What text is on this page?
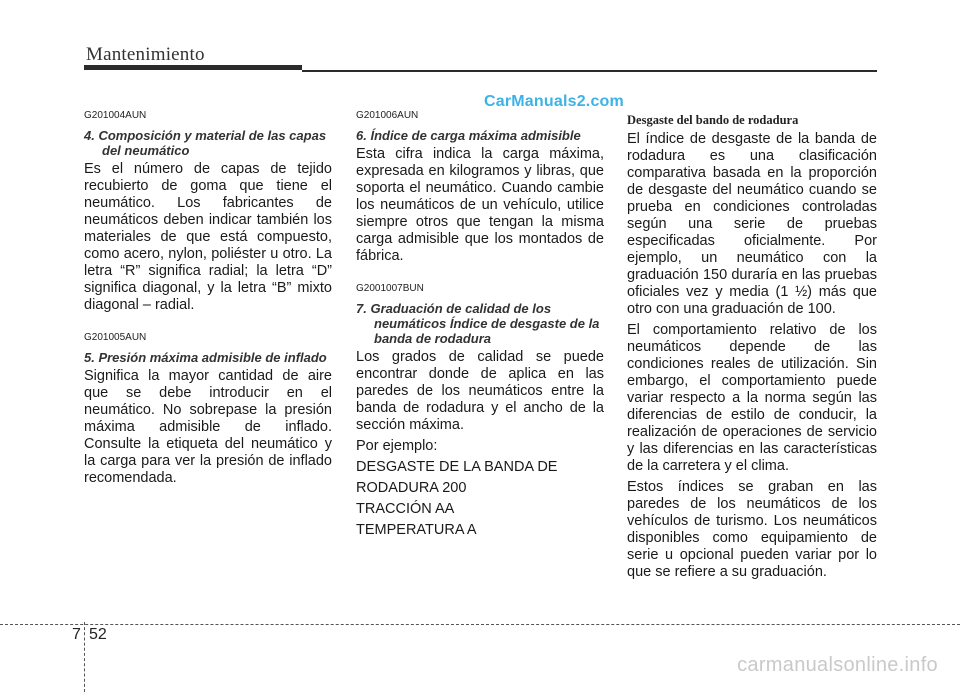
Mantenimiento
CarManuals2.com

G201004AUN

4. Composición y material de las capas del neumático

Es el número de capas de tejido recubierto de goma que tiene el neumático. Los fabricantes de neumáticos deben indicar también los materiales de que está compuesto, como acero, nylon, poliéster u otro. La letra “R” significa radial; la letra “D” significa diagonal, y la letra “B” mixto diagonal – radial.

G201005AUN

5. Presión máxima admisible de inflado

Significa la mayor cantidad de aire que se debe introducir en el neumático. No sobrepase la presión máxima admisible de inflado. Consulte la etiqueta del neumático y la carga para ver la presión de inflado recomendada.

G201006AUN

6. Índice de carga máxima admisible

Esta cifra indica la carga máxima, expresada en kilogramos y libras, que soporta el neumático. Cuando cambie los neumáticos de un vehículo, utilice siempre otros que tengan la misma carga admisible que los montados de fábrica.

G2001007BUN

7. Graduación de calidad de los neumáticos Índice de desgaste de la banda de rodadura

Los grados de calidad se puede encontrar donde de aplica en las paredes de los neumáticos entre la banda de rodadura y el ancho de la sección máxima.

Por ejemplo:

DESGASTE DE LA BANDA DE

RODADURA 200

TRACCIÓN AA

TEMPERATURA A

Desgaste del bando de rodadura

El índice de desgaste de la banda de rodadura es una clasificación comparativa basada en la proporción de desgaste del neumático cuando se prueba en condiciones controladas según una serie de pruebas especificadas oficialmente. Por ejemplo, un neumático con la graduación 150 duraría en las pruebas oficiales vez y media (1 ½) más que otro con una graduación de 100.

El comportamiento relativo de los neumáticos depende de las condiciones reales de utilización. Sin embargo, el comportamiento puede variar respecto a la norma según las diferencias de estilo de conducir, la realización de operaciones de servicio y las diferencias en las características de la carretera y el clima.

Estos índices se graban en las paredes de los neumáticos de los vehículos de turismo. Los neumáticos disponibles como equipamiento de serie u opcional pueden variar por lo que se refiere a su graduación.

7 52
carmanualsonline.info
